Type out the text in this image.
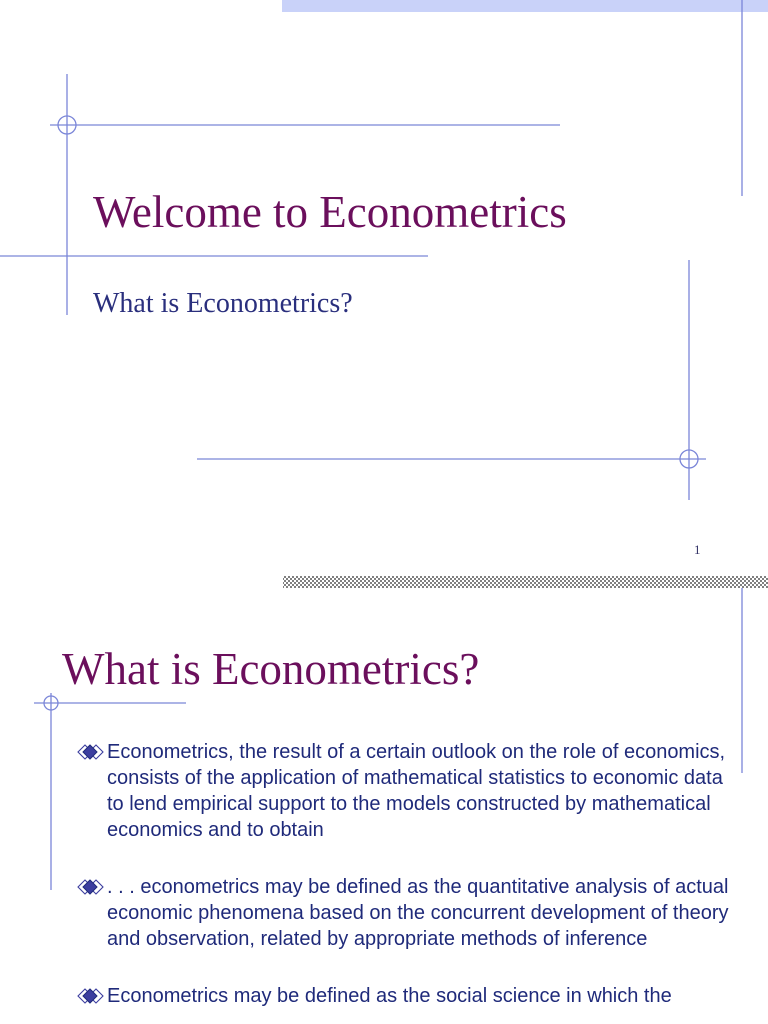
Welcome to Econometrics
What is Econometrics?
1
What is Econometrics?
Econometrics, the result of a certain outlook on the role of economics, consists of the application of mathematical statistics to economic data to lend empirical support to the models constructed by mathematical economics and to obtain
. . . econometrics may be defined as the quantitative analysis of actual economic phenomena based on the concurrent development of theory and observation, related by appropriate methods of inference
Econometrics may be defined as the social science in which the
